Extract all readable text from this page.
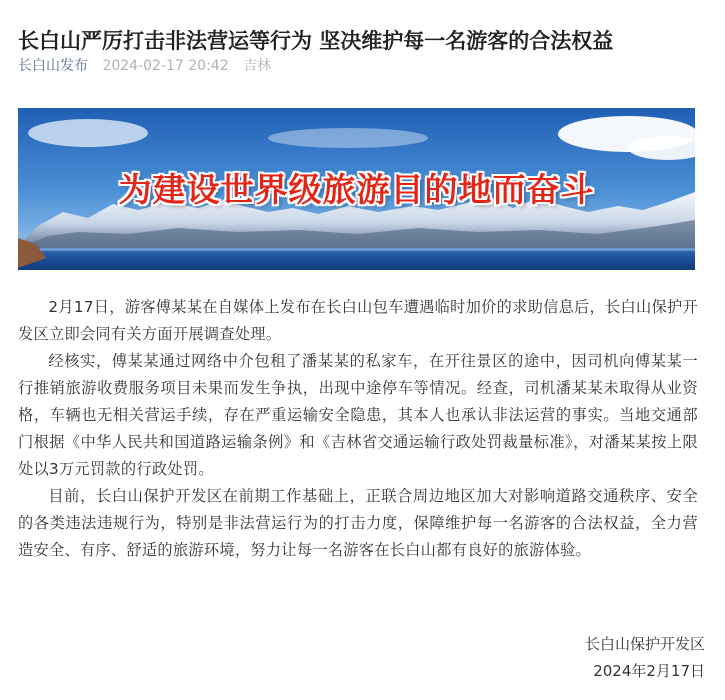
长白山严厉打击非法营运等行为 坚决维护每一名游客的合法权益
长白山发布 2024-02-17 20:42 吉林
为建设世界级旅游目的地而奋斗

2月17日，游客傅某某在自媒体上发布在长白山包车遭遇临时加价的求助信息后，长白山保护开发区立即会同有关方面开展调查处理。

经核实，傅某某通过网络中介包租了潘某某的私家车，在开往景区的途中，因司机向傅某某一行推销旅游收费服务项目未果而发生争执，出现中途停车等情况。经查，司机潘某某未取得从业资格，车辆也无相关营运手续，存在严重运输安全隐患，其本人也承认非法运营的事实。当地交通部门根据《中华人民共和国道路运输条例》和《吉林省交通运输行政处罚裁量标准》，对潘某某按上限处以3万元罚款的行政处罚。

目前，长白山保护开发区在前期工作基础上，正联合周边地区加大对影响道路交通秩序、安全的各类违法违规行为，特别是非法营运行为的打击力度，保障维护每一名游客的合法权益，全力营造安全、有序、舒适的旅游环境，努力让每一名游客在长白山都有良好的旅游体验。

长白山保护开发区
2024年2月17日
